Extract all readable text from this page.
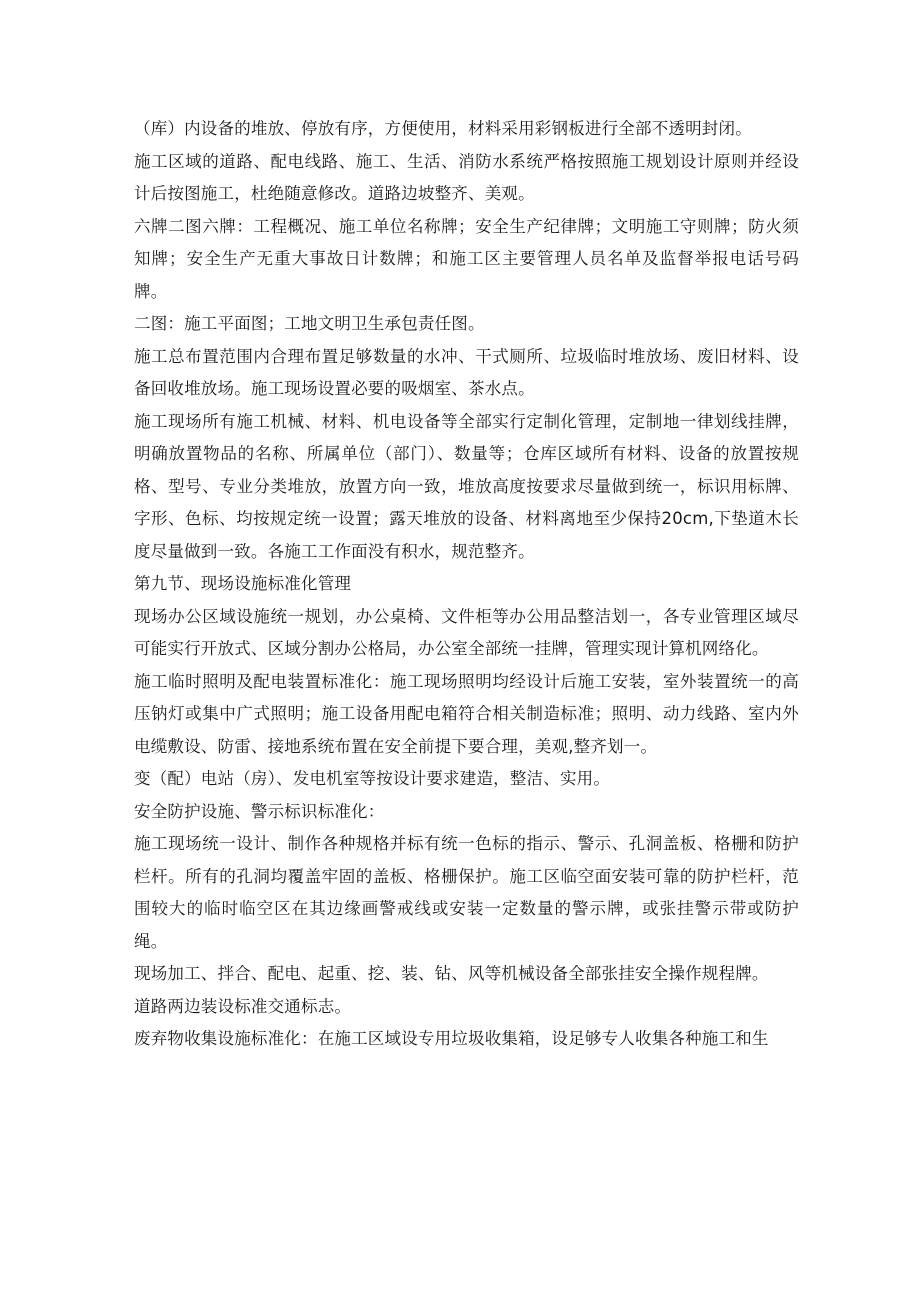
（库）内设备的堆放、停放有序，方便使用，材料采用彩钢板进行全部不透明封闭。

施工区域的道路、配电线路、施工、生活、消防水系统严格按照施工规划设计原则并经设计后按图施工，杜绝随意修改。道路边坡整齐、美观。

六牌二图六牌：工程概况、施工单位名称牌；安全生产纪律牌；文明施工守则牌；防火须知牌；安全生产无重大事故日计数牌；和施工区主要管理人员名单及监督举报电话号码牌。

二图：施工平面图；工地文明卫生承包责任图。

施工总布置范围内合理布置足够数量的水冲、干式厕所、垃圾临时堆放场、废旧材料、设备回收堆放场。施工现场设置必要的吸烟室、茶水点。

施工现场所有施工机械、材料、机电设备等全部实行定制化管理，定制地一律划线挂牌，明确放置物品的名称、所属单位（部门）、数量等；仓库区域所有材料、设备的放置按规格、型号、专业分类堆放，放置方向一致，堆放高度按要求尽量做到统一，标识用标牌、字形、色标、均按规定统一设置；露天堆放的设备、材料离地至少保持20cm,下垫道木长度尽量做到一致。各施工工作面没有积水，规范整齐。

第九节、现场设施标准化管理

现场办公区域设施统一规划，办公桌椅、文件柜等办公用品整洁划一，各专业管理区域尽可能实行开放式、区域分割办公格局，办公室全部统一挂牌，管理实现计算机网络化。

施工临时照明及配电装置标准化：施工现场照明均经设计后施工安装，室外装置统一的高压钠灯或集中广式照明；施工设备用配电箱符合相关制造标准；照明、动力线路、室内外电缆敷设、防雷、接地系统布置在安全前提下要合理，美观,整齐划一。

变（配）电站（房）、发电机室等按设计要求建造，整洁、实用。

安全防护设施、警示标识标准化：

施工现场统一设计、制作各种规格并标有统一色标的指示、警示、孔洞盖板、格栅和防护栏杆。所有的孔洞均覆盖牢固的盖板、格栅保护。施工区临空面安装可靠的防护栏杆，范围较大的临时临空区在其边缘画警戒线或安装一定数量的警示牌，或张挂警示带或防护绳。

现场加工、拌合、配电、起重、挖、装、钻、风等机械设备全部张挂安全操作规程牌。

道路两边装设标准交通标志。

废弃物收集设施标准化：在施工区域设专用垃圾收集箱，设足够专人收集各种施工和生
